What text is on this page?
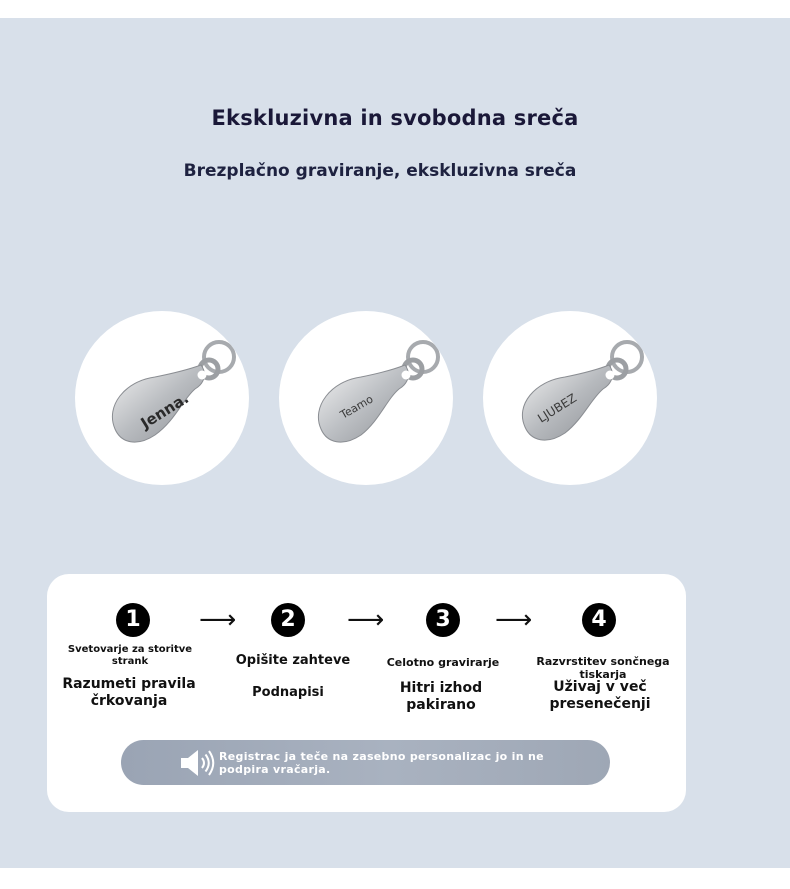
Ekskluzivna in svobodna sreča
Brezplačno graviranje, ekskluzivna sreča
Jenna.	Teamo	LJUBEZ
1
Svetovarje za storitve strank
Razumeti pravila črkovanja
⟶	2
Opišite zahteve
Podnapisi
⟶	3
Celotno gravirarje
Hitri izhod pakirano
⟶	4
Razvrstitev sončnega tiskarja
Uživaj v več presenečenji
Registrac ja teče na zasebno personalizac jo in ne podpira vračarja.
